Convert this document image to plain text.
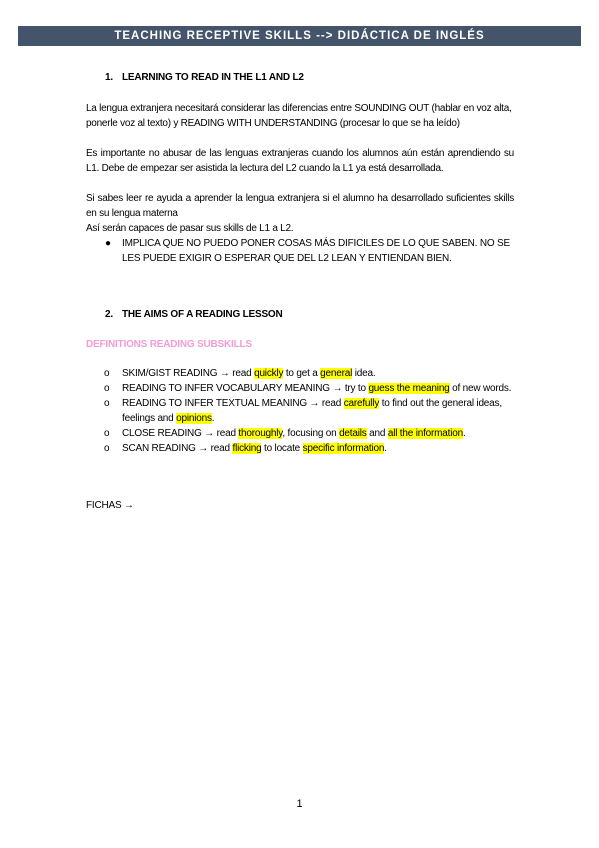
TEACHING RECEPTIVE SKILLS --> DIDÁCTICA DE INGLÉS
1. LEARNING TO READ IN THE L1 AND L2
La lengua extranjera necesitará considerar las diferencias entre SOUNDING OUT (hablar en voz alta, ponerle voz al texto) y READING WITH UNDERSTANDING (procesar lo que se ha leído)
Es importante no abusar de las lenguas extranjeras cuando los alumnos aún están aprendiendo su L1. Debe de empezar ser asistida la lectura del L2 cuando la L1 ya está desarrollada.
Si sabes leer re ayuda a aprender la lengua extranjera si el alumno ha desarrollado suficientes skills en su lengua materna
Así serán capaces de pasar sus skills de L1 a L2.
● IMPLICA QUE NO PUEDO PONER COSAS MÁS DIFICILES DE LO QUE SABEN. NO SE LES PUEDE EXIGIR O ESPERAR QUE DEL L2 LEAN Y ENTIENDAN BIEN.
2. THE AIMS OF A READING LESSON
DEFINITIONS READING SUBSKILLS
o SKIM/GIST READING → read quickly to get a general idea.
o READING TO INFER VOCABULARY MEANING → try to guess the meaning of new words.
o READING TO INFER TEXTUAL MEANING → read carefully to find out the general ideas, feelings and opinions.
o CLOSE READING → read thoroughly, focusing on details and all the information.
o SCAN READING → read flicking to locate specific information.
FICHAS →
1
